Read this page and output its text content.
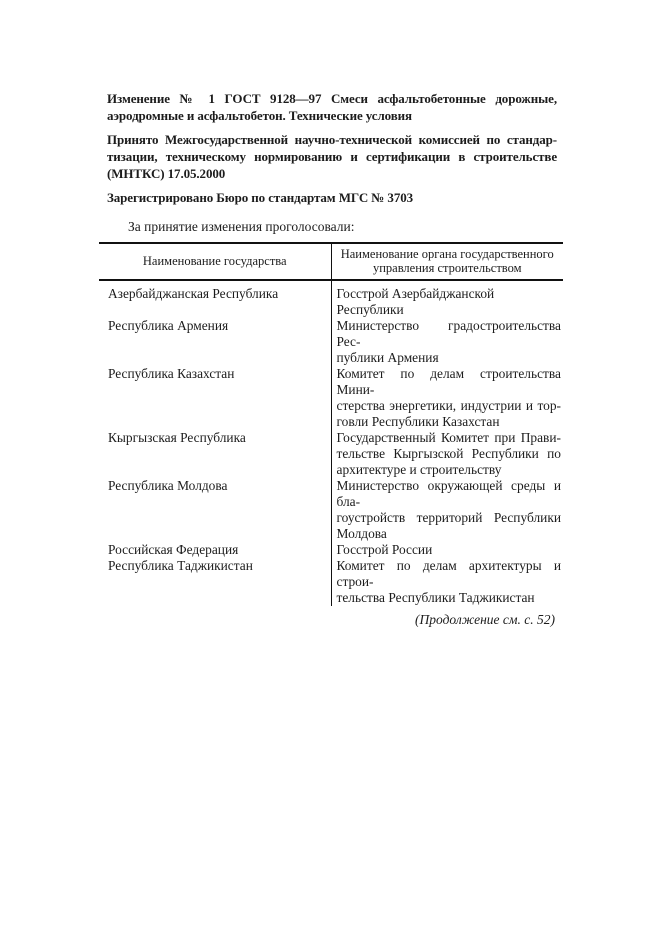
Изменение № 1 ГОСТ 9128—97 Смеси асфальтобетонные дорожные,
аэродромные и асфальтобетон. Технические условия
Принято Межгосударственной научно-технической комиссией по стандар-
тизации, техническому нормированию и сертификации в строительстве
(МНТКС) 17.05.2000
Зарегистрировано Бюро по стандартам МГС № 3703
За принятие изменения проголосовали:
Наименование государства	Наименование органа государственного
управления строительством

Азербайджанская Республика	Госстрой Азербайджанской Республики

Республика Армения	Министерство градостроительства Рес-
публики Армения

Республика Казахстан	Комитет по делам строительства Мини-
стерства энергетики, индустрии и тор-
говли Республики Казахстан

Кыргызская Республика	Государственный Комитет при Прави-
тельстве Кыргызской Республики по
архитектуре и строительству

Республика Молдова	Министерство окружающей среды и бла-
гоустройств территорий Республики
Молдова

Российская Федерация	Госстрой России

Республика Таджикистан	Комитет по делам архитектуры и строи-
тельства Республики Таджикистан
(Продолжение см. с. 52)
